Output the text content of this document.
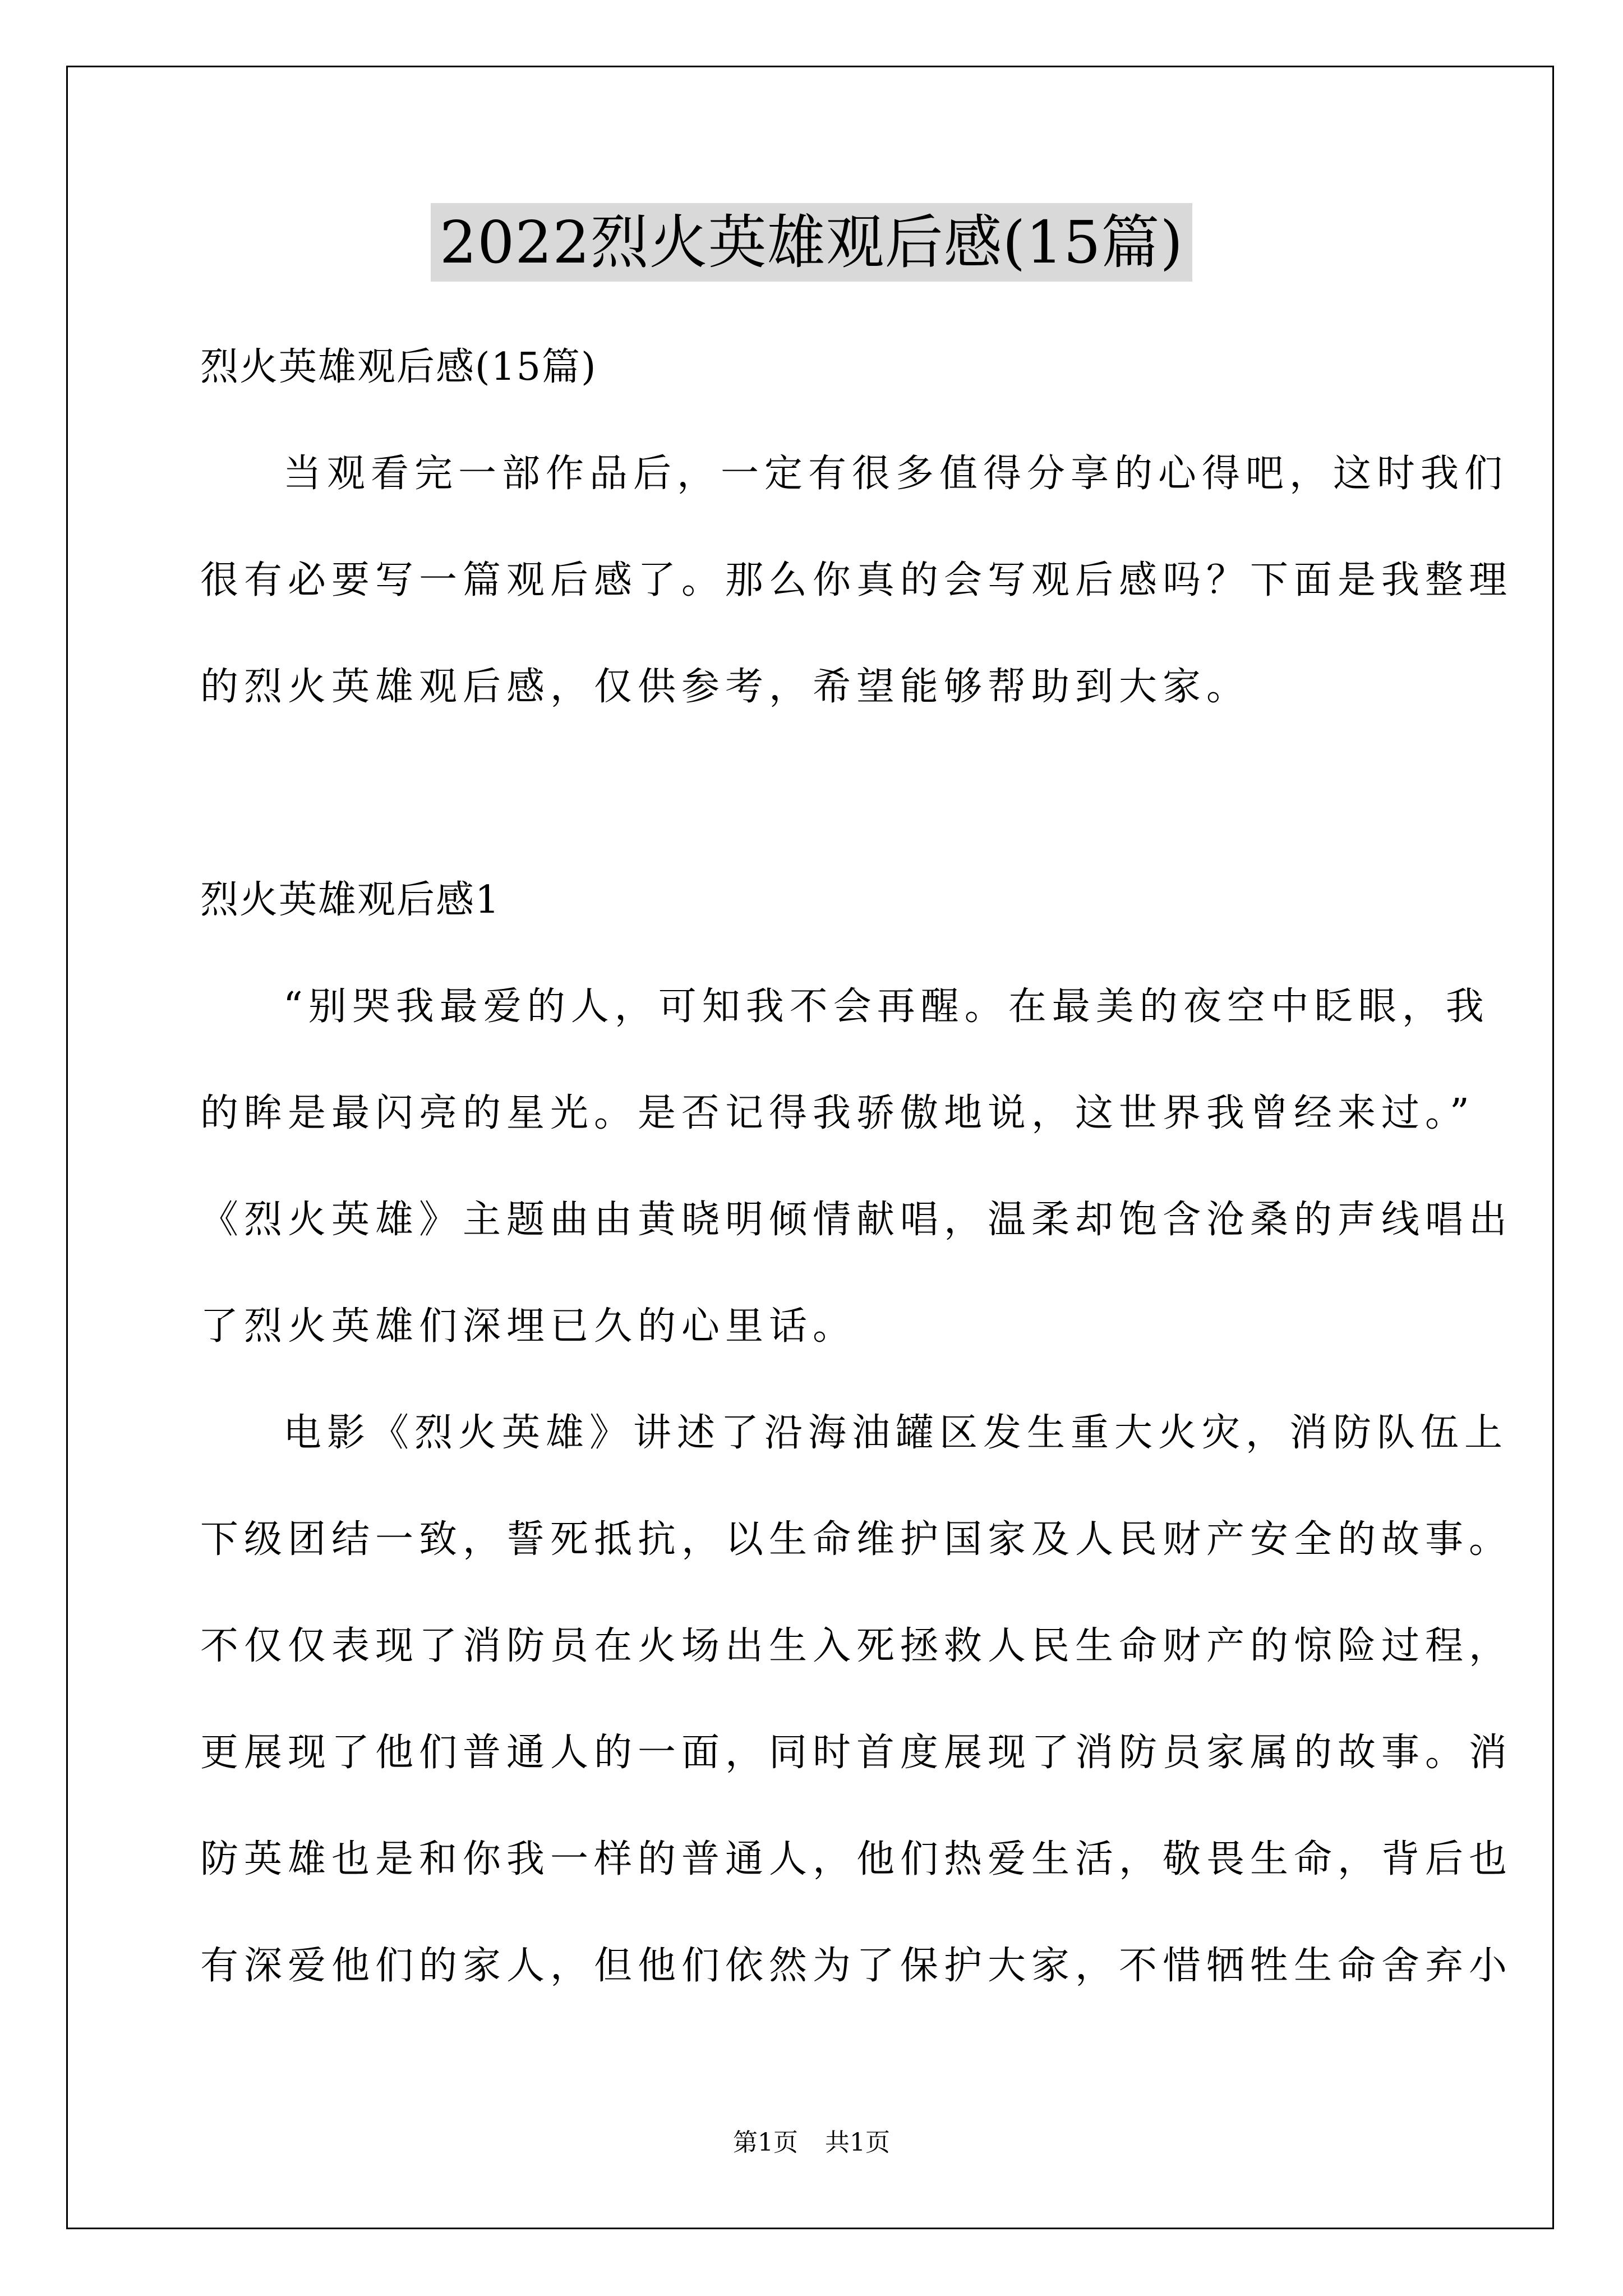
2022烈火英雄观后感(15篇)
烈火英雄观后感(15篇)
当观看完一部作品后，一定有很多值得分享的心得吧，这时我们
很有必要写一篇观后感了。那么你真的会写观后感吗？下面是我整理
的烈火英雄观后感，仅供参考，希望能够帮助到大家。
烈火英雄观后感1
“别哭我最爱的人，可知我不会再醒。在最美的夜空中眨眼，我
的眸是最闪亮的星光。是否记得我骄傲地说，这世界我曾经来过。”
《烈火英雄》主题曲由黄晓明倾情献唱，温柔却饱含沧桑的声线唱出
了烈火英雄们深埋已久的心里话。
电影《烈火英雄》讲述了沿海油罐区发生重大火灾，消防队伍上
下级团结一致，誓死抵抗，以生命维护国家及人民财产安全的故事。
不仅仅表现了消防员在火场出生入死拯救人民生命财产的惊险过程，
更展现了他们普通人的一面，同时首度展现了消防员家属的故事。消
防英雄也是和你我一样的普通人，他们热爱生活，敬畏生命，背后也
有深爱他们的家人，但他们依然为了保护大家，不惜牺牲生命舍弃小
第1页 共1页
